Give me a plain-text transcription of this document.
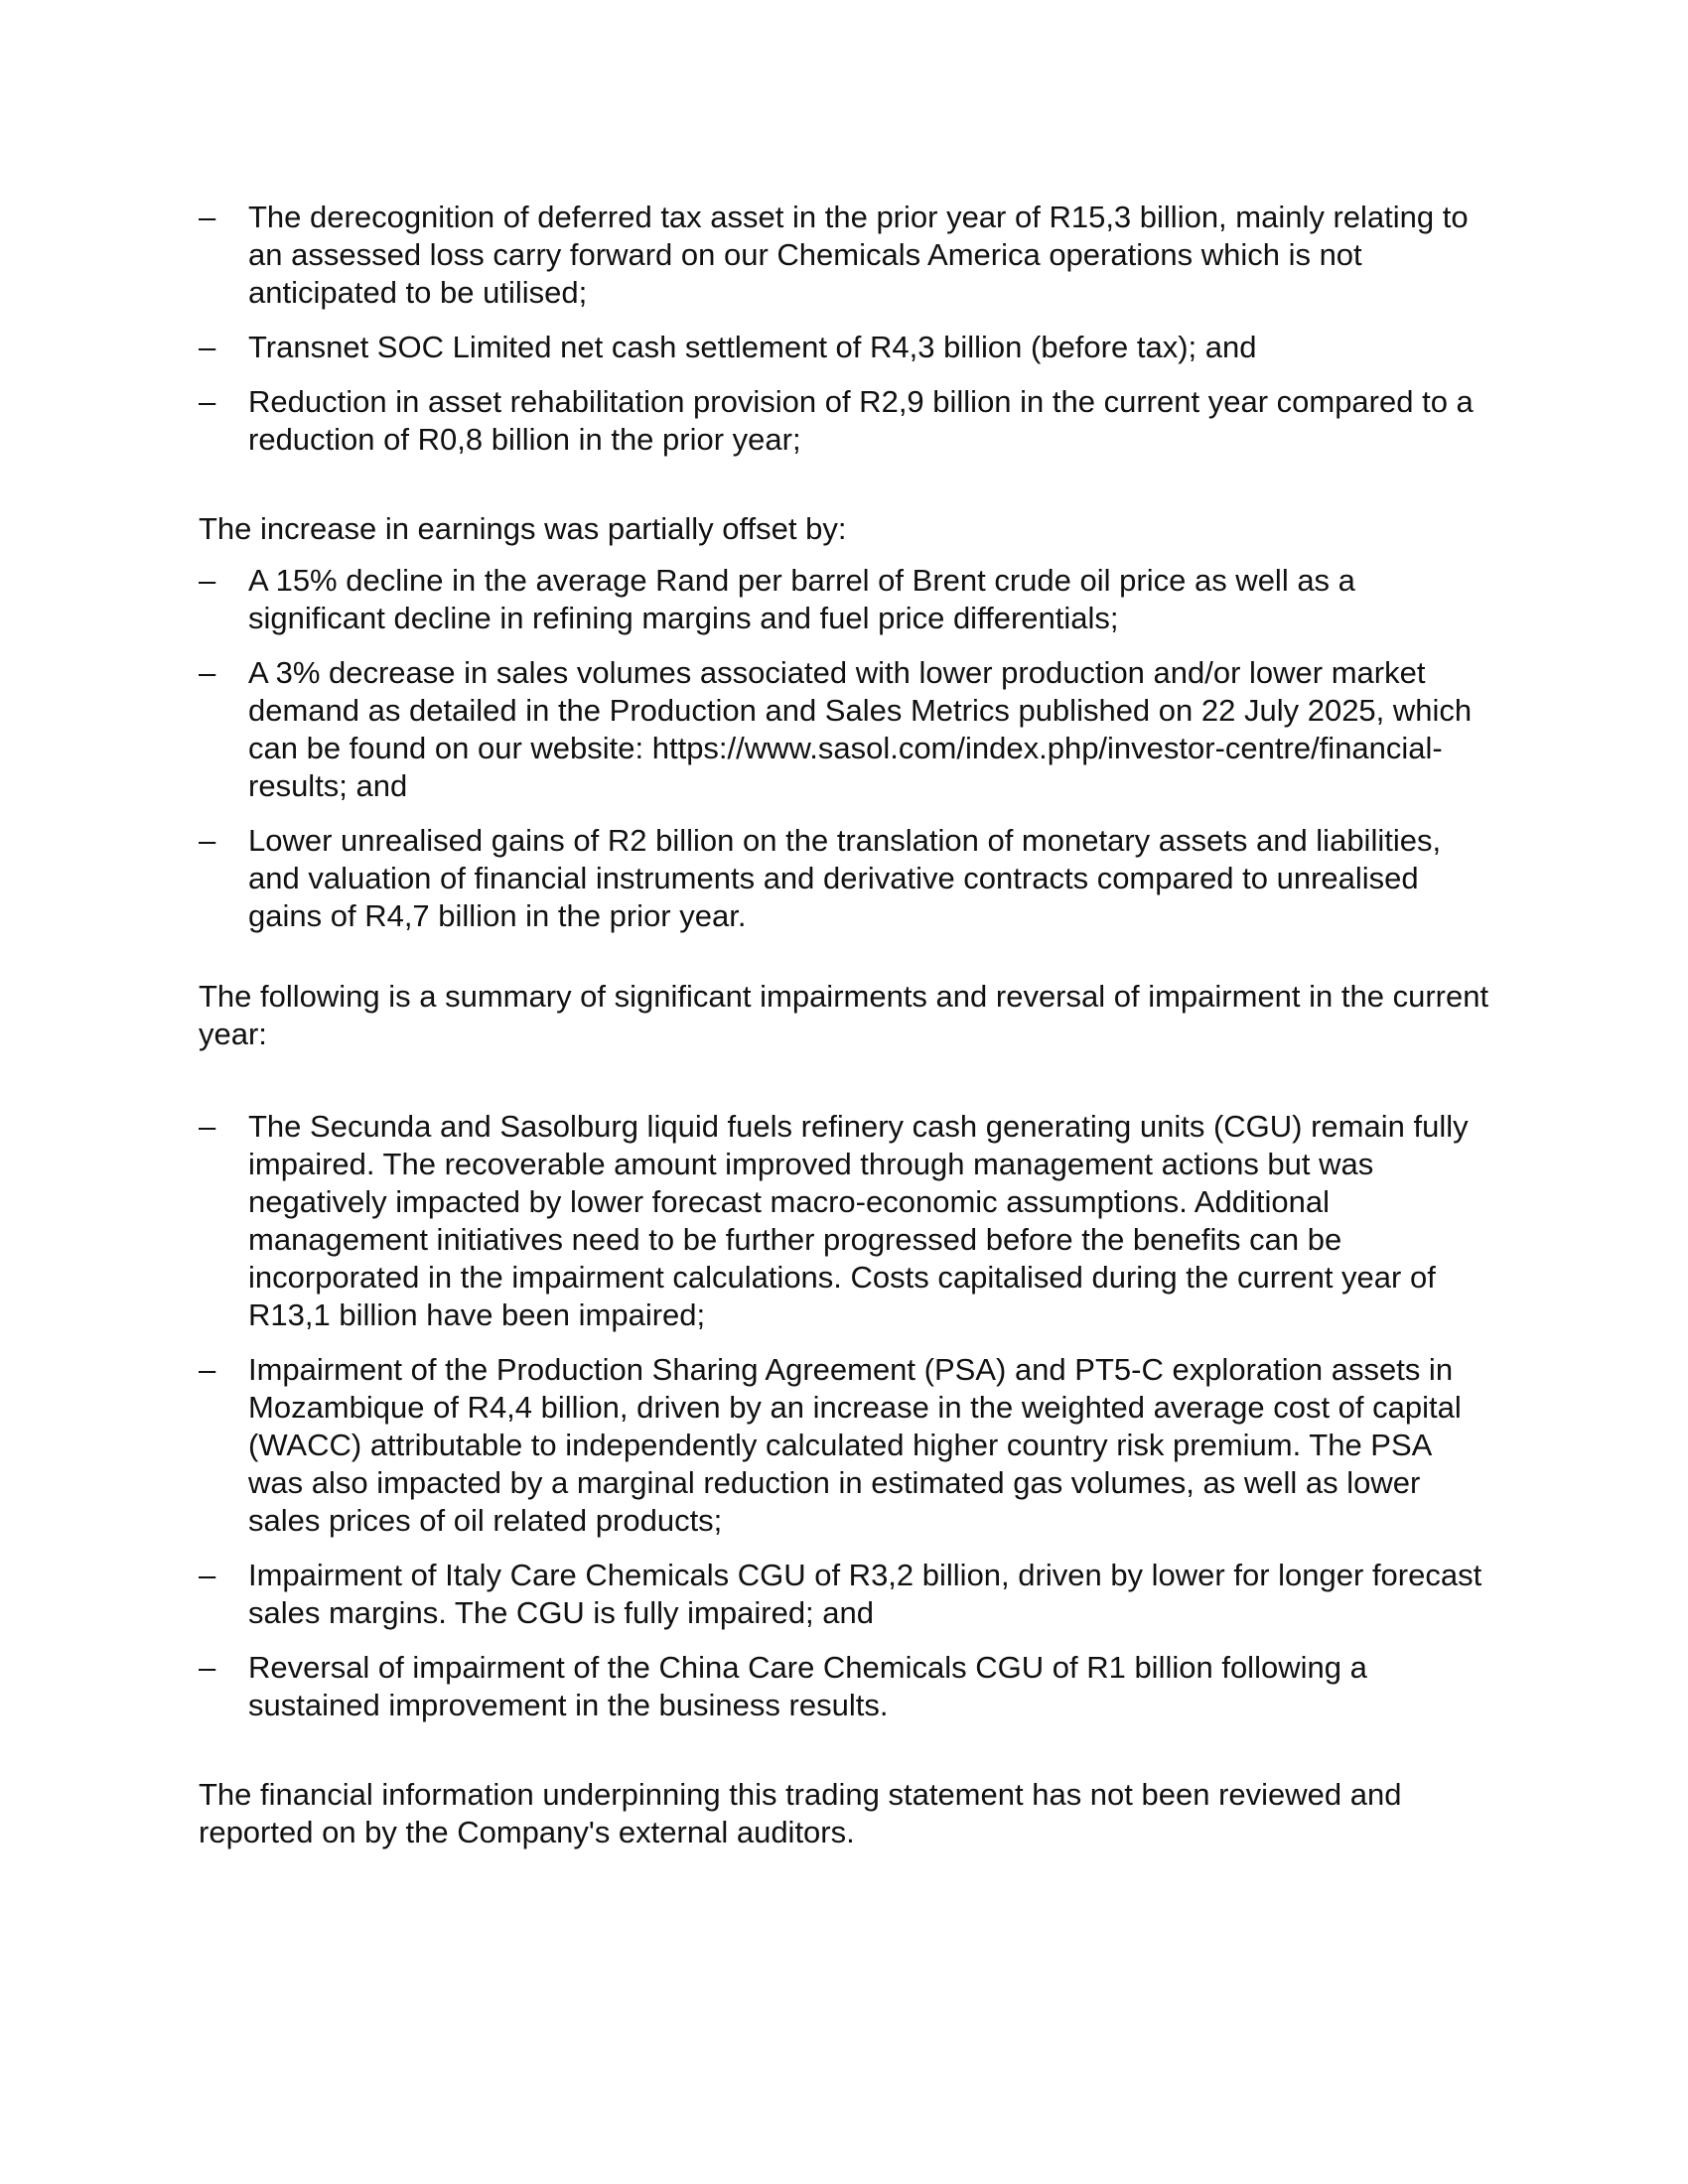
– The derecognition of deferred tax asset in the prior year of R15,3 billion, mainly relating to an assessed loss carry forward on our Chemicals America operations which is not anticipated to be utilised;
– Transnet SOC Limited net cash settlement of R4,3 billion (before tax); and
– Reduction in asset rehabilitation provision of R2,9 billion in the current year compared to a reduction of R0,8 billion in the prior year;

The increase in earnings was partially offset by:

– A 15% decline in the average Rand per barrel of Brent crude oil price as well as a significant decline in refining margins and fuel price differentials;
– A 3% decrease in sales volumes associated with lower production and/or lower market demand as detailed in the Production and Sales Metrics published on 22 July 2025, which can be found on our website: https://www.sasol.com/index.php/investor-centre/financial-results; and
– Lower unrealised gains of R2 billion on the translation of monetary assets and liabilities, and valuation of financial instruments and derivative contracts compared to unrealised gains of R4,7 billion in the prior year.

The following is a summary of significant impairments and reversal of impairment in the current year:

– The Secunda and Sasolburg liquid fuels refinery cash generating units (CGU) remain fully impaired. The recoverable amount improved through management actions but was negatively impacted by lower forecast macro-economic assumptions. Additional management initiatives need to be further progressed before the benefits can be incorporated in the impairment calculations. Costs capitalised during the current year of R13,1 billion have been impaired;
– Impairment of the Production Sharing Agreement (PSA) and PT5-C exploration assets in Mozambique of R4,4 billion, driven by an increase in the weighted average cost of capital (WACC) attributable to independently calculated higher country risk premium. The PSA was also impacted by a marginal reduction in estimated gas volumes, as well as lower sales prices of oil related products;
– Impairment of Italy Care Chemicals CGU of R3,2 billion, driven by lower for longer forecast sales margins. The CGU is fully impaired; and
– Reversal of impairment of the China Care Chemicals CGU of R1 billion following a sustained improvement in the business results.

The financial information underpinning this trading statement has not been reviewed and reported on by the Company's external auditors.
